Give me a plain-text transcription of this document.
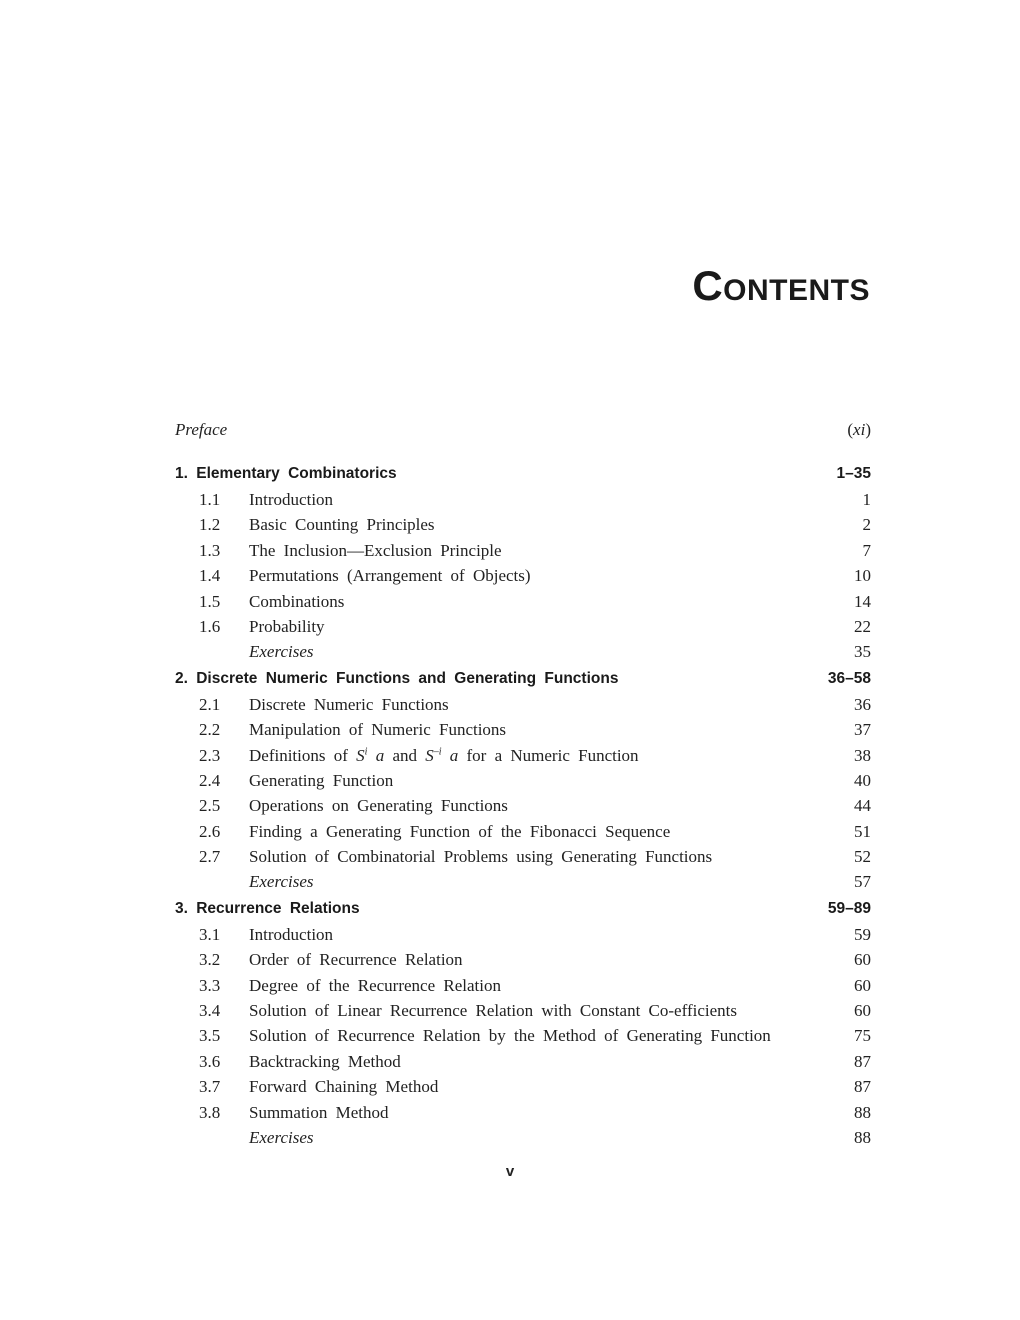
CONTENTS
Preface	(xi)
1. Elementary Combinatorics	1–35
1.1 Introduction	1
1.2 Basic Counting Principles	2
1.3 The Inclusion—Exclusion Principle	7
1.4 Permutations (Arrangement of Objects)	10
1.5 Combinations	14
1.6 Probability	22
Exercises	35
2. Discrete Numeric Functions and Generating Functions	36–58
2.1 Discrete Numeric Functions	36
2.2 Manipulation of Numeric Functions	37
2.3 Definitions of $S^i$ a and $S^{-i}$ a for a Numeric Function	38
2.4 Generating Function	40
2.5 Operations on Generating Functions	44
2.6 Finding a Generating Function of the Fibonacci Sequence	51
2.7 Solution of Combinatorial Problems using Generating Functions	52
Exercises	57
3. Recurrence Relations	59–89
3.1 Introduction	59
3.2 Order of Recurrence Relation	60
3.3 Degree of the Recurrence Relation	60
3.4 Solution of Linear Recurrence Relation with Constant Co-efficients	60
3.5 Solution of Recurrence Relation by the Method of Generating Function	75
3.6 Backtracking Method	87
3.7 Forward Chaining Method	87
3.8 Summation Method	88
Exercises	88
v
